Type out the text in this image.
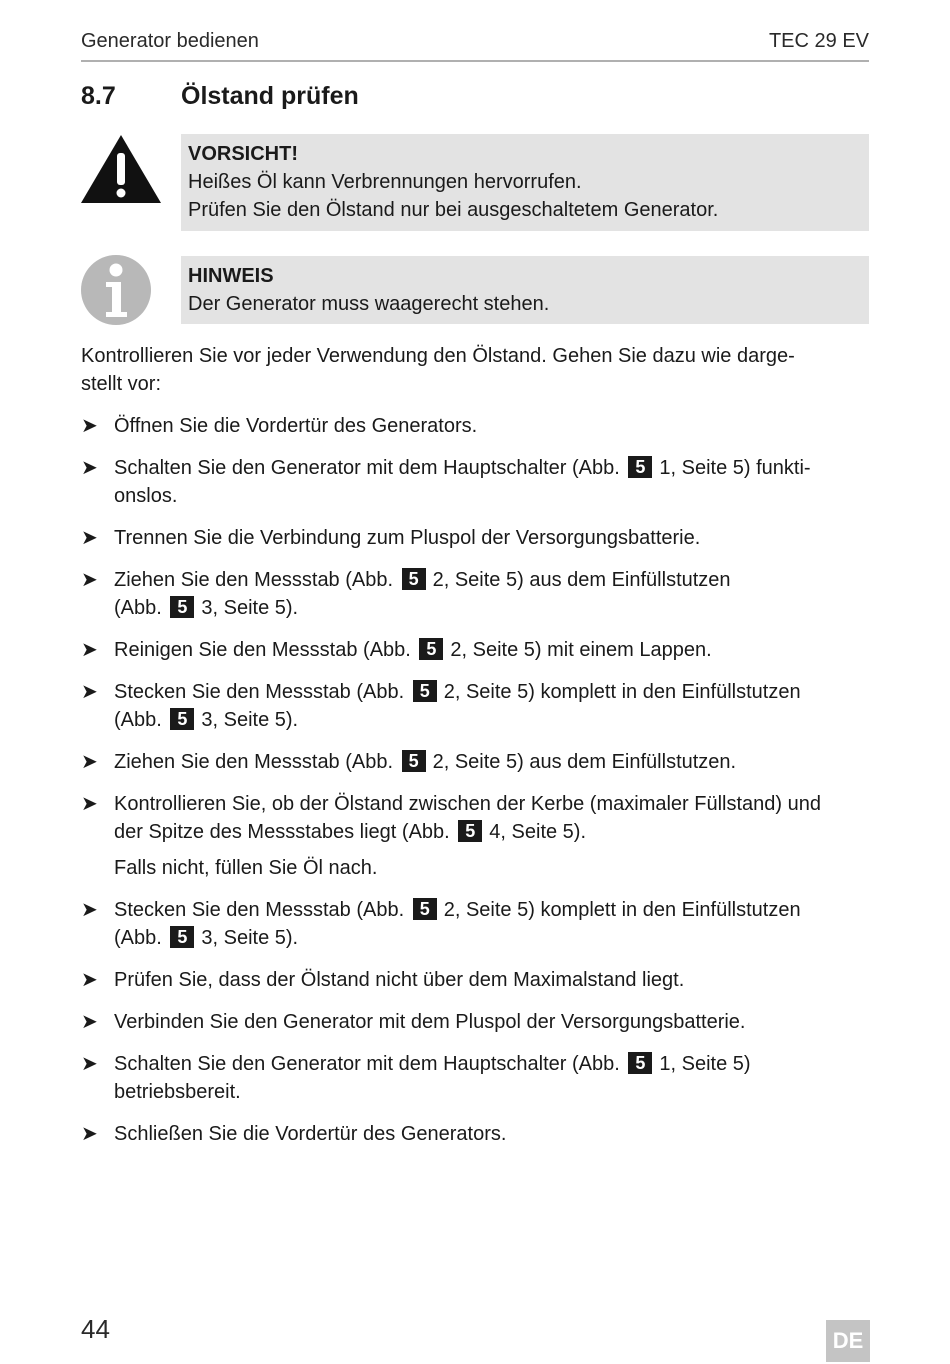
Generator bedienen	TEC 29 EV
8.7	Ölstand prüfen
VORSICHT!
Heißes Öl kann Verbrennungen hervorrufen.
Prüfen Sie den Ölstand nur bei ausgeschaltetem Generator.
HINWEIS
Der Generator muss waagerecht stehen.
Kontrollieren Sie vor jeder Verwendung den Ölstand. Gehen Sie dazu wie darge-
stellt vor:
➤ Öffnen Sie die Vordertür des Generators.
➤ Schalten Sie den Generator mit dem Hauptschalter (Abb. 5 1, Seite 5) funkti-
onslos.
➤ Trennen Sie die Verbindung zum Pluspol der Versorgungsbatterie.
➤ Ziehen Sie den Messstab (Abb. 5 2, Seite 5) aus dem Einfüllstutzen
(Abb. 5 3, Seite 5).
➤ Reinigen Sie den Messstab (Abb. 5 2, Seite 5) mit einem Lappen.
➤ Stecken Sie den Messstab (Abb. 5 2, Seite 5) komplett in den Einfüllstutzen
(Abb. 5 3, Seite 5).
➤ Ziehen Sie den Messstab (Abb. 5 2, Seite 5) aus dem Einfüllstutzen.
➤ Kontrollieren Sie, ob der Ölstand zwischen der Kerbe (maximaler Füllstand) und
der Spitze des Messstabes liegt (Abb. 5 4, Seite 5).
Falls nicht, füllen Sie Öl nach.
➤ Stecken Sie den Messstab (Abb. 5 2, Seite 5) komplett in den Einfüllstutzen
(Abb. 5 3, Seite 5).
➤ Prüfen Sie, dass der Ölstand nicht über dem Maximalstand liegt.
➤ Verbinden Sie den Generator mit dem Pluspol der Versorgungsbatterie.
➤ Schalten Sie den Generator mit dem Hauptschalter (Abb. 5 1, Seite 5)
betriebsbereit.
➤ Schließen Sie die Vordertür des Generators.
44	DE
